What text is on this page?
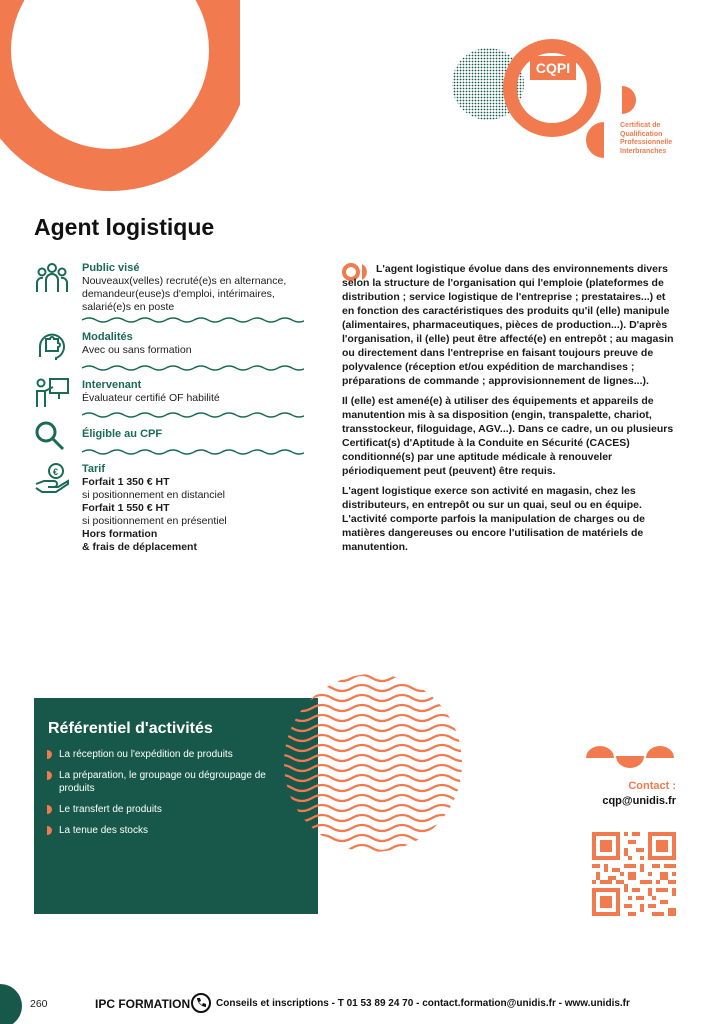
CQPI
Certificat de
Qualification
Professionnelle
Interbranches
Agent logistique
€
Public visé
Nouveaux(velles) recruté(e)s en alternance,
demandeur(euse)s d'emploi, intérimaires,
salarié(e)s en poste
Modalités
Avec ou sans formation
Intervenant
Évaluateur certifié OF habilité
Éligible au CPF
Tarif
Forfait 1 350 € HT
si positionnement en distanciel
Forfait 1 550 € HT
si positionnement en présentiel
Hors formation
& frais de déplacement

L'agent logistique évolue dans des environnements divers selon la structure de l'organisation qui l'emploie (plateformes de distribution ; service logistique de l'entreprise ; prestataires...) et en fonction des caractéristiques des produits qu'il (elle) manipule (alimentaires, pharmaceutiques, pièces de production...). D'après l'organisation, il (elle) peut être affecté(e) en entrepôt ; au magasin ou directement dans l'entreprise en faisant toujours preuve de polyvalence (réception et/ou expédition de marchandises ; préparations de commande ; approvisionnement de lignes...).

Il (elle) est amené(e) à utiliser des équipements et appareils de manutention mis à sa disposition (engin, transpalette, chariot, transstockeur, filoguidage, AGV...). Dans ce cadre, un ou plusieurs Certificat(s) d'Aptitude à la Conduite en Sécurité (CACES) conditionné(s) par une aptitude médicale à renouveler périodiquement peut (peuvent) être requis.

L'agent logistique exerce son activité en magasin, chez les distributeurs, en entrepôt ou sur un quai, seul ou en équipe. L'activité comporte parfois la manipulation de charges ou de matières dangereuses ou encore l'utilisation de matériels de manutention.

Référentiel d'activités
La réception ou l'expédition de produits
La préparation, le groupage ou dégroupage de produits
Le transfert de produits
La tenue des stocks
Contact :
cqp@unidis.fr
260	IPC FORMATION	Conseils et inscriptions - T 01 53 89 24 70 - contact.formation@unidis.fr - www.unidis.fr
